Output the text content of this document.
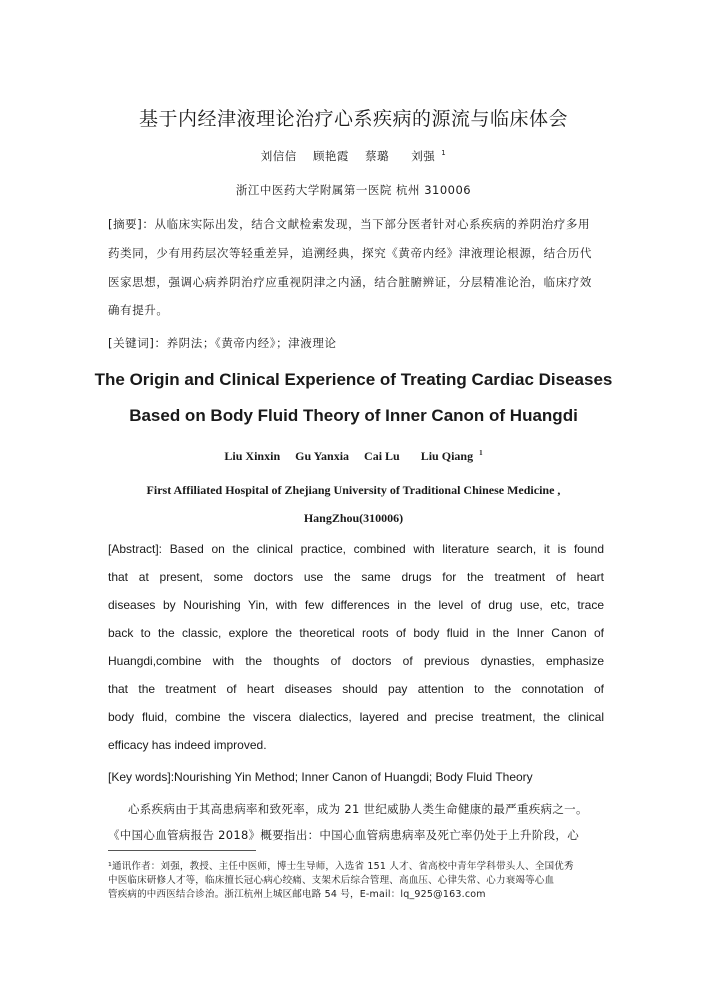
基于内经津液理论治疗心系疾病的源流与临床体会
刘信信 顾艳霞 蔡璐 刘强 $^1$
浙江中医药大学附属第一医院 杭州 310006
[摘要]：从临床实际出发，结合文献检索发现，当下部分医者针对心系疾病的养阴治疗多用
药类同，少有用药层次等轻重差异，追溯经典，探究《黄帝内经》津液理论根源，结合历代
医家思想，强调心病养阴治疗应重视阴津之内涵，结合脏腑辨证，分层精准论治，临床疗效
确有提升。
[关键词]：养阴法；《黄帝内经》；津液理论
The Origin and Clinical Experience of Treating Cardiac Diseases
Based on Body Fluid Theory of Inner Canon of Huangdi
Liu Xinxin Gu Yanxia Cai Lu Liu Qiang $^1$
First Affiliated Hospital of Zhejiang University of Traditional Chinese Medicine ,
HangZhou(310006)
[Abstract]: Based on the clinical practice, combined with literature search, it is found
that at present, some doctors use the same drugs for the treatment of heart
diseases by Nourishing Yin, with few differences in the level of drug use, etc, trace
back to the classic, explore the theoretical roots of body fluid in the Inner Canon of
Huangdi,combine with the thoughts of doctors of previous dynasties, emphasize
that the treatment of heart diseases should pay attention to the connotation of
body fluid, combine the viscera dialectics, layered and precise treatment, the clinical
efficacy has indeed improved.
[Key words]:Nourishing Yin Method; Inner Canon of Huangdi; Body Fluid Theory
心系疾病由于其高患病率和致死率，成为 21 世纪威胁人类生命健康的最严重疾病之一。
《中国心血管病报告 2018》概要指出：中国心血管病患病率及死亡率仍处于上升阶段，心
¹通讯作者：刘强，教授、主任中医师，博士生导师，入选省 151 人才、省高校中青年学科带头人、全国优秀
中医临床研修人才等，临床擅长冠心病心绞痛、支架术后综合管理、高血压、心律失常、心力衰竭等心血
管疾病的中西医结合诊治。浙江杭州上城区邮电路 54 号，E-mail：lq_925@163.com
